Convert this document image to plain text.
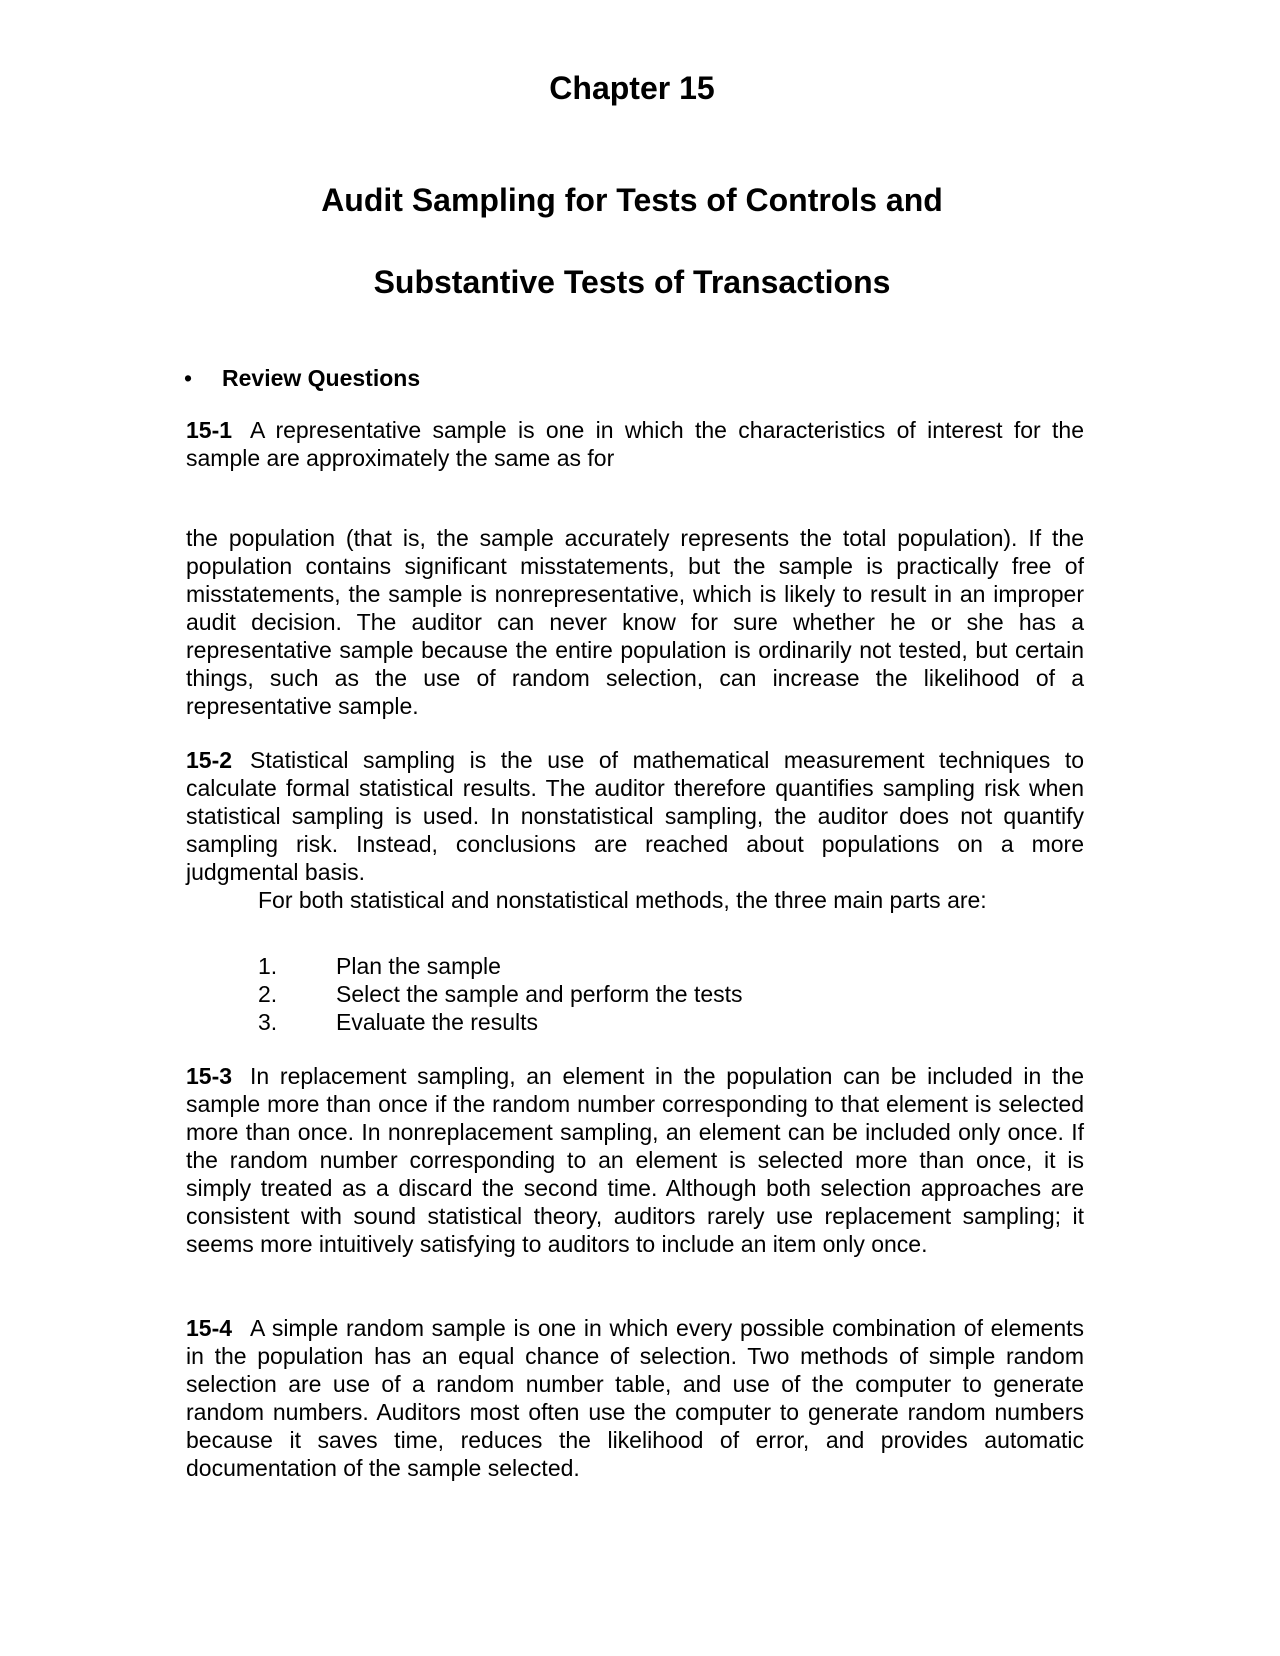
Chapter 15
Audit Sampling for Tests of Controls and
Substantive Tests of Transactions
• Review Questions
15-1 A representative sample is one in which the characteristics of interest for the sample are approximately the same as for
the population (that is, the sample accurately represents the total population). If the population contains significant misstatements, but the sample is practically free of misstatements, the sample is nonrepresentative, which is likely to result in an improper audit decision. The auditor can never know for sure whether he or she has a representative sample because the entire population is ordinarily not tested, but certain things, such as the use of random selection, can increase the likelihood of a representative sample.
15-2 Statistical sampling is the use of mathematical measurement techniques to calculate formal statistical results. The auditor therefore quantifies sampling risk when statistical sampling is used. In nonstatistical sampling, the auditor does not quantify sampling risk. Instead, conclusions are reached about populations on a more judgmental basis.
For both statistical and nonstatistical methods, the three main parts are:
1.	Plan the sample
2.	Select the sample and perform the tests
3.	Evaluate the results
15-3 In replacement sampling, an element in the population can be included in the sample more than once if the random number corresponding to that element is selected more than once. In nonreplacement sampling, an element can be included only once. If the random number corresponding to an element is selected more than once, it is simply treated as a discard the second time. Although both selection approaches are consistent with sound statistical theory, auditors rarely use replacement sampling; it seems more intuitively satisfying to auditors to include an item only once.
15-4 A simple random sample is one in which every possible combination of elements in the population has an equal chance of selection. Two methods of simple random selection are use of a random number table, and use of the computer to generate random numbers. Auditors most often use the computer to generate random numbers because it saves time, reduces the likelihood of error, and provides automatic documentation of the sample selected.
